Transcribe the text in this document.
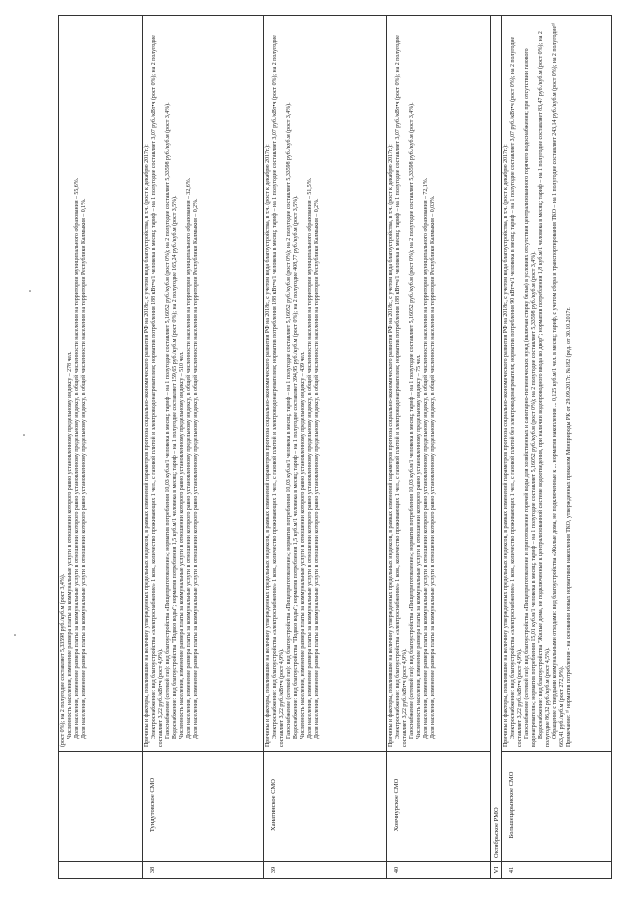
(рост 0%); на 2 полугодие составляет 5,33598 руб./куб.м (рост 3,4%). Численность населения, изменение размера платы за коммунальные услуги в отношении которого равно установленному предельному индексу – 278 чел. Доля населения, изменение размера платы за коммунальные услуги в отношении которого равно установленному предельному индексу, в общей численности населения на территории муниципального образования – 55,6%. Доля населения, изменение размера платы за коммунальные услуги в отношении которого равно установленному предельному индексу, в общей численности населения на территории Республики Калмыкия – 0,1%.

38
Тундутовское СМО

Причины и факторы, повлиявшие на величину утвержденных предельных индексов, в рамках изменений параметров прогноза социально-экономического развития РФ на 2018г., с учетом вида благоустройства, в т.ч. (рост к декабрю 2017г.): Электроснабжение: вид благоустройства «электроснабжение» 1 ком., количество проживающих 1 чел., с газовой плитой и электроводонагревателем; норматив потребления 188 кВт•ч/1 человека в месяц; тариф – на 1 полугодие составляет 3,07 руб./кВт•ч (рост 0%); на 2 полугодие составляет 3,22 руб./кВт•ч (рост 4,9%). Газоснабжение (сетевой газ): вид благоустройства «Пищеприготовление»; норматив потребления 10,03 куб.м/1 человека в месяц; тариф – на 1 полугодие составляет 5,16052 руб./куб.м (рост 0%); на 2 полугодие составляет 5,33598 руб./куб.м (рост 3,4%). Водоснабжение: вид благоустройства "Подвоз воды"; норматив потребления 1,5 куб.м/1 человека в месяц; тариф – на 1 полугодие составляет 159,65 руб./куб.м (рост 0%); на 2 полугодие 165,24 руб./куб.м (рост 3,5%). Численность населения, изменение размера платы за коммунальные услуги в отношении которого равно установленному предельному индексу – 510 чел. Доля населения, изменение размера платы за коммунальные услуги в отношении которого равно установленному предельному индексу, в общей численности населения на территории муниципального образования – 32,6%. Доля населения, изменение размера платы за коммунальные услуги в отношении которого равно установленному предельному индексу, в общей численности населения на территории Республики Калмыкия – 0,2%.

39
Ханатинское СМО

Причины и факторы, повлиявшие на величину утвержденных предельных индексов, в рамках изменений параметров прогноза социально-экономического развития РФ на 2018г., с учетом вида благоустройства, в т.ч. (рост к декабрю 2017г.): Электроснабжение: вид благоустройства «электроснабжение» 1 ком., количество проживающих 1 чел., с газовой плитой и электроводонагревателем; норматив потребления 188 кВт•ч/1 человека в месяц; тариф – на 1 полугодие составляет 3,07 руб./кВт•ч (рост 0%); на 2 полугодие составляет 3,22 руб./кВт•ч (рост 4,9%). Газоснабжение (сетевой газ): вид благоустройства «Пищеприготовление»; норматив потребления 10,03 куб.м/1 человека в месяц; тариф – на 1 полугодие составляет 5,16052 руб./куб.м (рост 0%); на 2 полугодие составляет 5,33598 руб./куб.м (рост 3,4%). Водоснабжение: вид благоустройства "Подвоз воды"; норматив потребления 1,5 куб.м/1 человека в месяц; тариф – на 1 полугодие составляет 394,95 руб./куб.м (рост 0%); на 2 полугодие 408,77 руб./куб.м (рост 3,5%). Численность населения, изменение размера платы за коммунальные услуги в отношении которого равно установленному предельному индексу – 439 чел. Доля населения, изменение размера платы за коммунальные услуги в отношении которого равно установленному предельному индексу, в общей численности населения на территории муниципального образования – 51,5%. Доля населения, изменение размера платы за коммунальные услуги в отношении которого равно установленному предельному индексу, в общей численности населения на территории Республики Калмыкия – 0,2%.

40
Хончнурское СМО

Причины и факторы, повлиявшие на величину утвержденных предельных индексов, в рамках изменений параметров прогноза социально-экономического развития РФ на 2018г., с учетом вида благоустройства, в т.ч. (рост к декабрю 2017г.): Электроснабжение: вид благоустройства «электроснабжение» 1 ком., количество проживающих 1 чел., с газовой плитой и электроводонагревателем; норматив потребления 188 кВт•ч/1 человека в месяц; тариф – на 1 полугодие составляет 3,07 руб./кВт•ч (рост 0%); на 2 полугодие составляет 3,22 руб./кВт•ч (рост 4,9%). Газоснабжение (сетевой газ): вид благоустройства «Пищеприготовление»; норматив потребления 10,03 куб.м/1 человека в месяц; тариф – на 1 полугодие составляет 5,16052 руб./куб.м (рост 0%); на 2 полугодие составляет 5,33598 руб./куб.м (рост 3,4%). Численность населения, изменение размера платы за коммунальные услуги в отношении которого равно установленному предельному индексу – 75 чел. Доля населения, изменение размера платы за коммунальные услуги в отношении которого равно установленному предельному индексу, в общей численности населения на территории муниципального образования – 72,1%. Доля населения, изменение размера платы за коммунальные услуги в отношении которого равно установленному предельному индексу, в общей численности населения на территории Республики Калмыкия – 0,03%.

VI
Октябрьское РМО
41
Большецарынское СМО

Причины и факторы, повлиявшие на величину утвержденных предельных индексов, в рамках изменений параметров прогноза социально-экономического развития РФ на 2018г., с учетом вида благоустройства, в т.ч. (рост к декабрю 2017г.): Электроснабжение: вид благоустройства «электроснабжение» 1 ком., количество проживающих 1 чел., с газовой плитой без электроводонагревателя; норматив потребления 90 кВт•ч/1 человека в месяц; тариф – на 1 полугодие составляет 3,07 руб./кВт•ч (рост 0%); на 2 полугодие составляет 3,22 руб./кВт•ч (рост 4,9%). Газоснабжение (сетевой газ): вид благоустройства «Пищеприготовление и приготовление горячей воды для хозяйственных и санитарно-гигиенических нужд (включая стирку белья) в условиях отсутствия централизованного горячего водоснабжения; при отсутствии газового водонагревателя»; норматив потребления 15,01 куб.м/1 человека в месяц; тариф – на 1 полугодие составляет 5,16052 руб./куб.м (рост 0%); на 2 полугодие составляет 5,33598 руб./куб.м (рост 3,4%). Водоснабжение: вид благоустройства "Жилые дома, не подключенные к централизованной системе водоотведения, при наличии водопроводного ввода во двор"; норматив потребления 1,8 куб.м/1 человека в месяц; тариф – на 1 полугодие составляет 83,47 руб./куб.м (рост 0%); на 2 полугодие 86,32 руб./куб.м (рост 4,5%). Обращение с твердыми коммунальными отходами: вид благоустройства «Жилые дома, не подключенные к ... норматив накопления ... 0,125 куб.м/1 чел. в месяц; тариф, с учетом сбора и транспортирования ТКО – на 1 полугодие составляет 243,14 руб./куб.м (рост 0%); на 2 полугодие¹⁾ 663,41 руб./куб.м (рост 272,9%). Примечание: ¹⁾ норматив потребления - на основании новых нормативов накопления ТКО, утвержденных приказом Минприроды РК от 29.09.2017г. №182 (ред. от 30.10.2017г.
